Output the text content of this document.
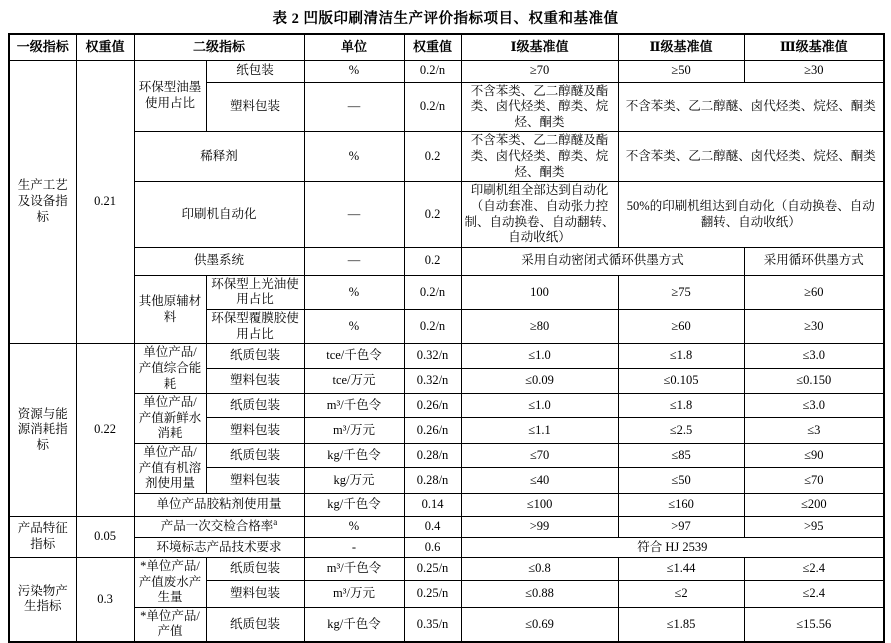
表 2 凹版印刷清洁生产评价指标项目、权重和基准值
一级指标	权重值	二级指标		单位	权重值	Ⅰ级基准值	Ⅱ级基准值	Ⅲ级基准值
生产工艺及设备指标	0.21	环保型油墨使用占比	纸包装	%	0.2/n	≥70	≥50	≥30
			塑料包装	—	0.2/n	不含苯类、乙二醇醚及酯类、卤代烃类、醇类、烷烃、酮类	不含苯类、乙二醇醚、卤代烃类、烷烃、酮类	
		稀释剂		%	0.2	不含苯类、乙二醇醚及酯类、卤代烃类、醇类、烷烃、酮类	不含苯类、乙二醇醚、卤代烃类、烷烃、酮类	
		印刷机自动化		—	0.2	印刷机组全部达到自动化（自动套准、自动张力控制、自动换卷、自动翻转、自动收纸）	50%的印刷机组达到自动化（自动换卷、自动翻转、自动收纸）	
		供墨系统		—	0.2	采用自动密闭式循环供墨方式		采用循环供墨方式
		其他原辅材料	环保型上光油使用占比	%	0.2/n	100	≥75	≥60
			环保型覆膜胶使用占比	%	0.2/n	≥80	≥60	≥30
资源与能源消耗指标	0.22	单位产品/产值综合能耗	纸质包装	tce/千色令	0.32/n	≤1.0	≤1.8	≤3.0
			塑料包装	tce/万元	0.32/n	≤0.09	≤0.105	≤0.150
		单位产品/产值新鲜水消耗	纸质包装	m³/千色令	0.26/n	≤1.0	≤1.8	≤3.0
			塑料包装	m³/万元	0.26/n	≤1.1	≤2.5	≤3
		单位产品/产值有机溶剂使用量	纸质包装	kg/千色令	0.28/n	≤70	≤85	≤90
			塑料包装	kg/万元	0.28/n	≤40	≤50	≤70
		单位产品胶粘剂使用量		kg/千色令	0.14	≤100	≤160	≤200
产品特征指标	0.05	产品一次交检合格率$^a$		%	0.4	>99	>97	>95
		环境标志产品技术要求		-	0.6	符合 HJ 2539		
污染物产生指标	0.3	*单位产品/产值废水产生量	纸质包装	m³/千色令	0.25/n	≤0.8	≤1.44	≤2.4
			塑料包装	m³/万元	0.25/n	≤0.88	≤2	≤2.4
		*单位产品/产值	纸质包装	kg/千色令	0.35/n	≤0.69	≤1.85	≤15.56
